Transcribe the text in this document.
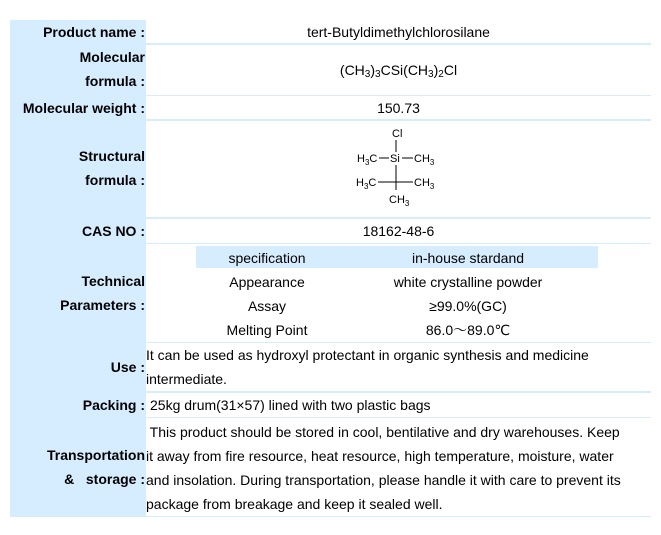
Product name :	tert-Butyldimethylchlorosilane
Molecular
formula :
$(CH_3)_3CSi(CH_3)_2Cl$
Molecular weight :	150.73
Structural
formula :
Cl
$H_3C$ Si $CH_3$
$H_3C$	$CH_3$
$CH_3$
CAS NO :	18162-48-6
Technical
Parameters :
specification	in-house stardand
Appearance	white crystalline powder
Assay	≥99.0%(GC)
Melting Point	86.0～89.0℃
Use :
It can be used as hydroxyl protectant in organic synthesis and medicine
intermediate.
Packing : 25kg drum(31×57) lined with two plastic bags
Transportation
&   storage :
This product should be stored in cool, bentilative and dry warehouses. Keep
it away from fire resource, heat resource, high temperature, moisture, water
and insolation. During transportation, please handle it with care to prevent its
package from breakage and keep it sealed well.
